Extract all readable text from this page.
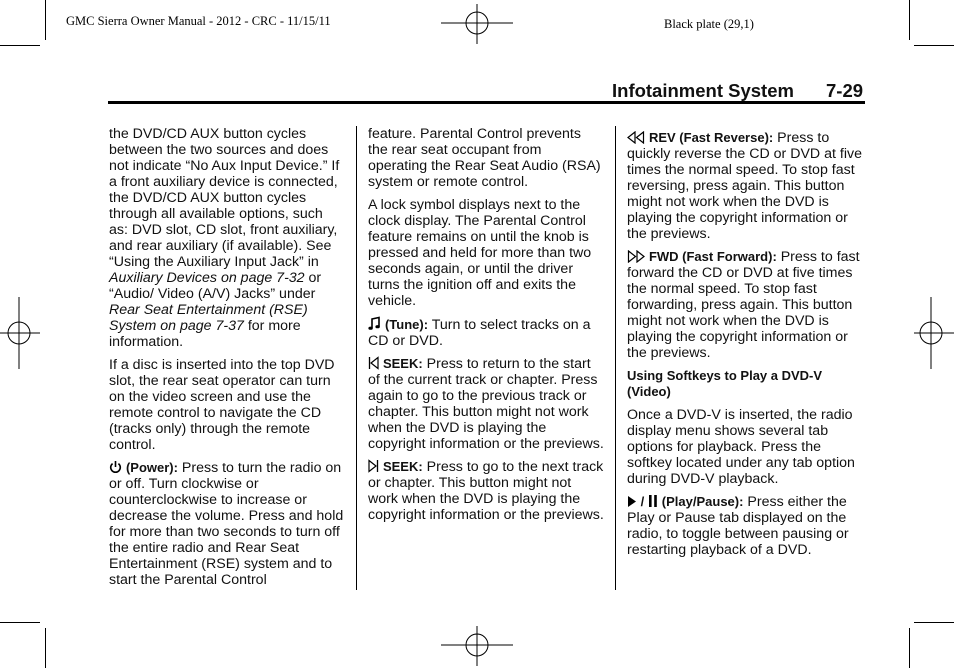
GMC Sierra Owner Manual - 2012 - CRC - 11/15/11	Black plate (29,1)
Infotainment System 7-29

the DVD/CD AUX button cycles between the two sources and does not indicate “No Aux Input Device.” If a front auxiliary device is connected, the DVD/CD AUX button cycles through all available options, such as: DVD slot, CD slot, front auxiliary, and rear auxiliary (if available). See “Using the Auxiliary Input Jack” in Auxiliary Devices on page 7-32 or “Audio/ Video (A/V) Jacks” under Rear Seat Entertainment (RSE) System on page 7-37 for more information.

If a disc is inserted into the top DVD slot, the rear seat operator can turn on the video screen and use the remote control to navigate the CD (tracks only) through the remote control.

(Power): Press to turn the radio on or off. Turn clockwise or counterclockwise to increase or decrease the volume. Press and hold for more than two seconds to turn off the entire radio and Rear Seat Entertainment (RSE) system and to start the Parental Control

feature. Parental Control prevents the rear seat occupant from operating the Rear Seat Audio (RSA) system or remote control.

A lock symbol displays next to the clock display. The Parental Control feature remains on until the knob is pressed and held for more than two seconds again, or until the driver turns the ignition off and exits the vehicle.

(Tune): Turn to select tracks on a CD or DVD.

SEEK: Press to return to the start of the current track or chapter. Press again to go to the previous track or chapter. This button might not work when the DVD is playing the copyright information or the previews.

SEEK: Press to go to the next track or chapter. This button might not work when the DVD is playing the copyright information or the previews.

REV (Fast Reverse): Press to quickly reverse the CD or DVD at five times the normal speed. To stop fast reversing, press again. This button might not work when the DVD is playing the copyright information or the previews.

FWD (Fast Forward): Press to fast forward the CD or DVD at five times the normal speed. To stop fast forwarding, press again. This button might not work when the DVD is playing the copyright information or the previews.

Using Softkeys to Play a DVD-V (Video)

Once a DVD-V is inserted, the radio display menu shows several tab options for playback. Press the softkey located under any tab option during DVD-V playback.

/  (Play/Pause): Press either the Play or Pause tab displayed on the radio, to toggle between pausing or restarting playback of a DVD.
